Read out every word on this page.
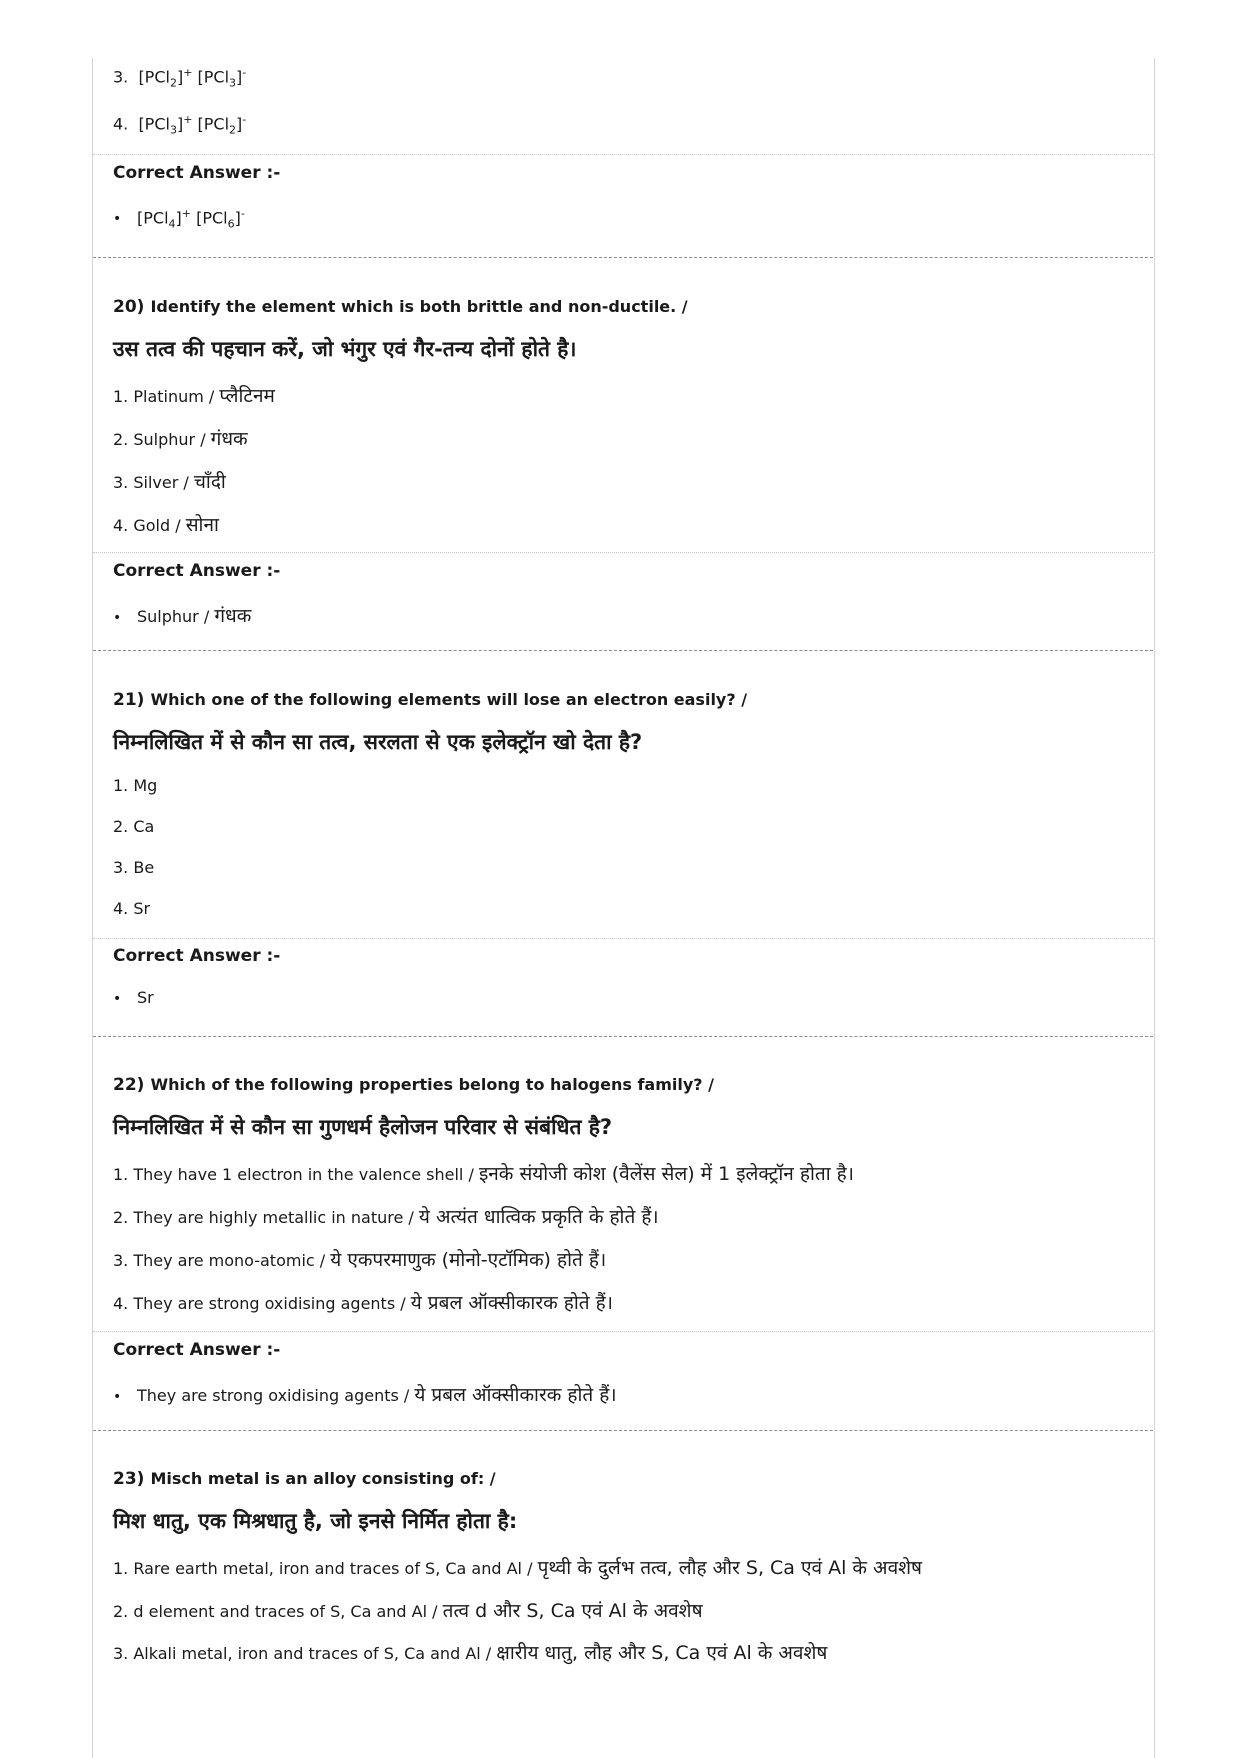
3.  [PCl$_2$]+ [PCl$_3$]-
4.  [PCl$_3$]+ [PCl$_2$]-
Correct Answer :-
• [PCl$_4$]+ [PCl$_6$]-
20) Identify the element which is both brittle and non-ductile. /
उस तत्व की पहचान करें, जो भंगुर एवं गैर-तन्य दोनों होते है।
1. Platinum / प्लैटिनम
2. Sulphur / गंधक
3. Silver / चाँदी
4. Gold / सोना
Correct Answer :-
• Sulphur / गंधक
21) Which one of the following elements will lose an electron easily? /
निम्नलिखित में से कौन सा तत्व, सरलता से एक इलेक्ट्रॉन खो देता है?
1. Mg
2. Ca
3. Be
4. Sr
Correct Answer :-
• Sr
22) Which of the following properties belong to halogens family? /
निम्नलिखित में से कौन सा गुणधर्म हैलोजन परिवार से संबंधित है?
1. They have 1 electron in the valence shell / इनके संयोजी कोश (वैलेंस सेल) में 1 इलेक्ट्रॉन होता है।
2. They are highly metallic in nature / ये अत्यंत धात्विक प्रकृति के होते हैं।
3. They are mono-atomic / ये एकपरमाणुक (मोनो-एटॉमिक) होते हैं।
4. They are strong oxidising agents / ये प्रबल ऑक्सीकारक होते हैं।
Correct Answer :-
• They are strong oxidising agents / ये प्रबल ऑक्सीकारक होते हैं।
23) Misch metal is an alloy consisting of: /
मिश धातु, एक मिश्रधातु है, जो इनसे निर्मित होता है:
1. Rare earth metal, iron and traces of S, Ca and Al / पृथ्वी के दुर्लभ तत्व, लौह और S, Ca एवं Al के अवशेष
2. d element and traces of S, Ca and Al / तत्व d और S, Ca एवं Al के अवशेष
3. Alkali metal, iron and traces of S, Ca and Al / क्षारीय धातु, लौह और S, Ca एवं Al के अवशेष
